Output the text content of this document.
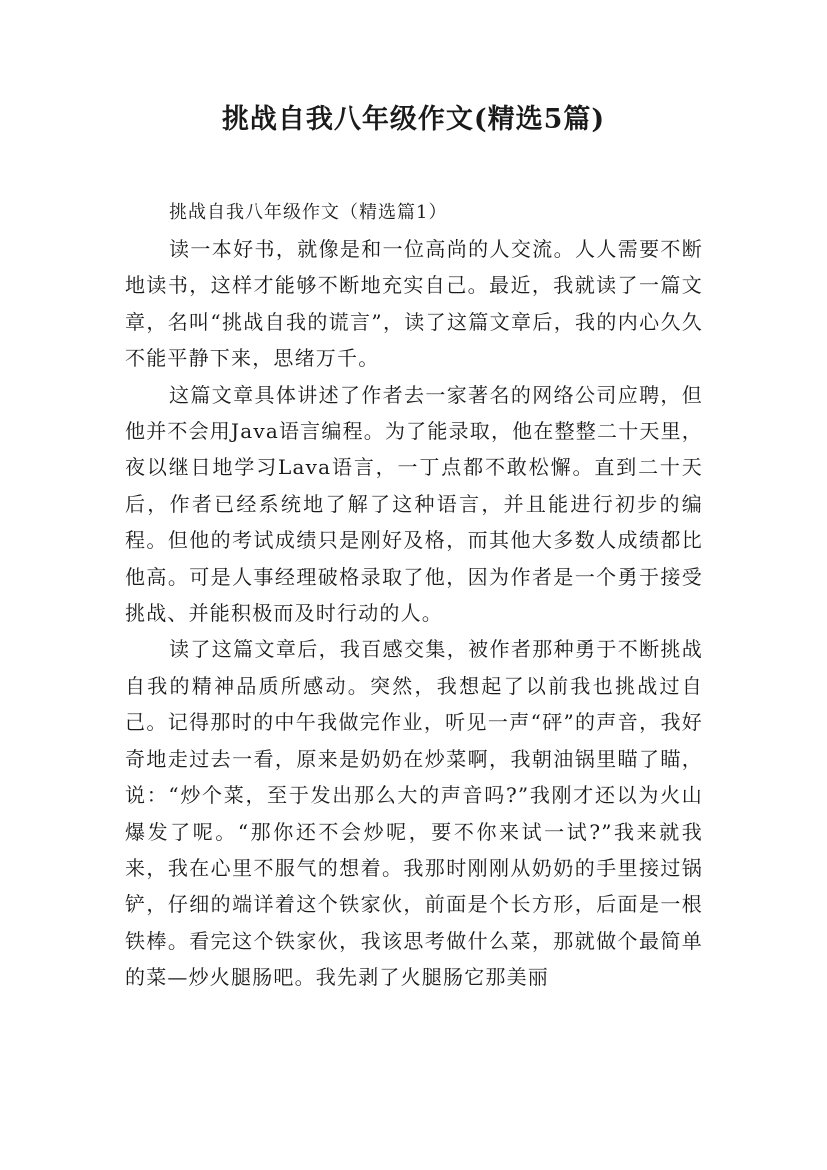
挑战自我八年级作文(精选5篇)

挑战自我八年级作文（精选篇1）

读一本好书，就像是和一位高尚的人交流。人人需要不断地读书，这样才能够不断地充实自己。最近，我就读了一篇文章，名叫“挑战自我的谎言”，读了这篇文章后，我的内心久久不能平静下来，思绪万千。

这篇文章具体讲述了作者去一家著名的网络公司应聘，但他并不会用Java语言编程。为了能录取，他在整整二十天里，夜以继日地学习Lava语言，一丁点都不敢松懈。直到二十天后，作者已经系统地了解了这种语言，并且能进行初步的编程。但他的考试成绩只是刚好及格，而其他大多数人成绩都比他高。可是人事经理破格录取了他，因为作者是一个勇于接受挑战、并能积极而及时行动的人。

读了这篇文章后，我百感交集，被作者那种勇于不断挑战自我的精神品质所感动。突然，我想起了以前我也挑战过自己。记得那时的中午我做完作业，听见一声“砰”的声音，我好奇地走过去一看，原来是奶奶在炒菜啊，我朝油锅里瞄了瞄，说：“炒个菜，至于发出那么大的声音吗?”我刚才还以为火山爆发了呢。“那你还不会炒呢，要不你来试一试?”我来就我来，我在心里不服气的想着。我那时刚刚从奶奶的手里接过锅铲，仔细的端详着这个铁家伙，前面是个长方形，后面是一根铁棒。看完这个铁家伙，我该思考做什么菜，那就做个最简单的菜—炒火腿肠吧。我先剥了火腿肠它那美丽
